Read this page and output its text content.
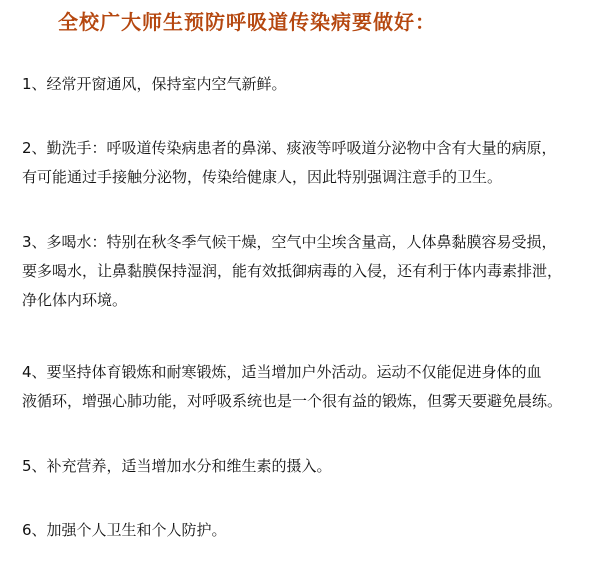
全校广大师生预防呼吸道传染病要做好：

1、经常开窗通风，保持室内空气新鲜。

2、勤洗手：呼吸道传染病患者的鼻涕、痰液等呼吸道分泌物中含有大量的病原，
有可能通过手接触分泌物，传染给健康人，因此特别强调注意手的卫生。

3、多喝水：特别在秋冬季气候干燥，空气中尘埃含量高，人体鼻黏膜容易受损，
要多喝水，让鼻黏膜保持湿润，能有效抵御病毒的入侵，还有利于体内毒素排泄，
净化体内环境。

4、要坚持体育锻炼和耐寒锻炼，适当增加户外活动。运动不仅能促进身体的血
液循环，增强心肺功能，对呼吸系统也是一个很有益的锻炼，但雾天要避免晨练。

5、补充营养，适当增加水分和维生素的摄入。

6、加强个人卫生和个人防护。
